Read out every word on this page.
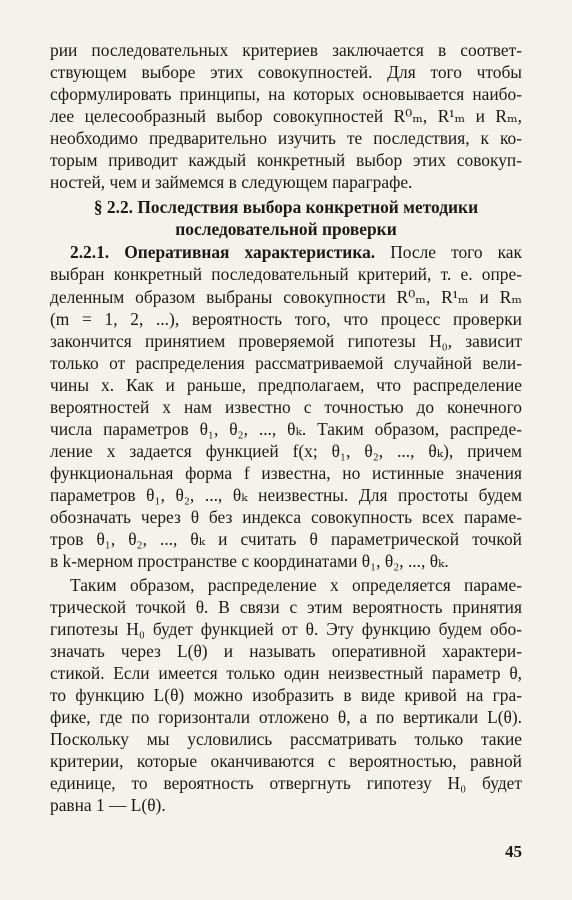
рии последовательных критериев заключается в соответ-
ствующем выборе этих совокупностей. Для того чтобы
сформулировать принципы, на которых основывается наибо-
лее целесообразный выбор совокупностей R⁰ₘ, R¹ₘ и Rₘ,
необходимо предварительно изучить те последствия, к ко-
торым приводит каждый конкретный выбор этих совокуп-
ностей, чем и займемся в следующем параграфе.
§ 2.2. Последствия выбора конкретной методики
последовательной проверки
2.2.1. Оперативная характеристика. После того как
выбран конкретный последовательный критерий, т. е. опре-
деленным образом выбраны совокупности R⁰ₘ, R¹ₘ и Rₘ
(m = 1, 2, ...), вероятность того, что процесс проверки
закончится принятием проверяемой гипотезы H₀, зависит
только от распределения рассматриваемой случайной вели-
чины x. Как и раньше, предполагаем, что распределение
вероятностей x нам известно с точностью до конечного
числа параметров θ₁, θ₂, ..., θₖ. Таким образом, распреде-
ление x задается функцией f(x; θ₁, θ₂, ..., θₖ), причем
функциональная форма f известна, но истинные значения
параметров θ₁, θ₂, ..., θₖ неизвестны. Для простоты будем
обозначать через θ без индекса совокупность всех параме-
тров θ₁, θ₂, ..., θₖ и считать θ параметрической точкой
в k-мерном пространстве с координатами θ₁, θ₂, ..., θₖ.
Таким образом, распределение x определяется параме-
трической точкой θ. В связи с этим вероятность принятия
гипотезы H₀ будет функцией от θ. Эту функцию будем обо-
значать через L(θ) и называть оперативной характери-
стикой. Если имеется только один неизвестный параметр θ,
то функцию L(θ) можно изобразить в виде кривой на гра-
фике, где по горизонтали отложено θ, а по вертикали L(θ).
Поскольку мы условились рассматривать только такие
критерии, которые оканчиваются с вероятностью, равной
единице, то вероятность отвергнуть гипотезу H₀ будет
равна 1 — L(θ).
45
